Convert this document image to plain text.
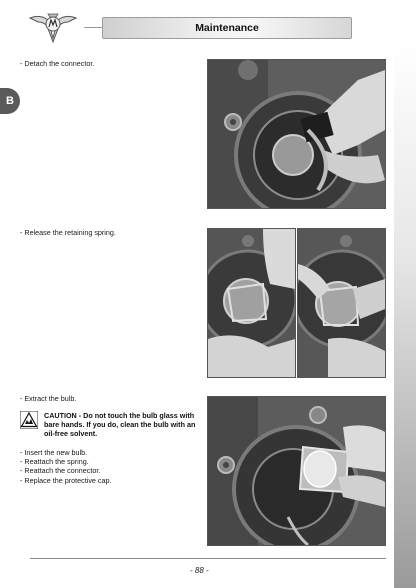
Maintenance
B
- Detach the connector.
- Release the retaining spring.
- Extract the bulb.
CAUTION - Do not touch the bulb glass with bare hands. If you do, clean the bulb with an oil-free solvent.
- Insert the new bulb.
- Reattach the spring.
- Reattach the connector.
- Replace the protective cap.
- 88 -
